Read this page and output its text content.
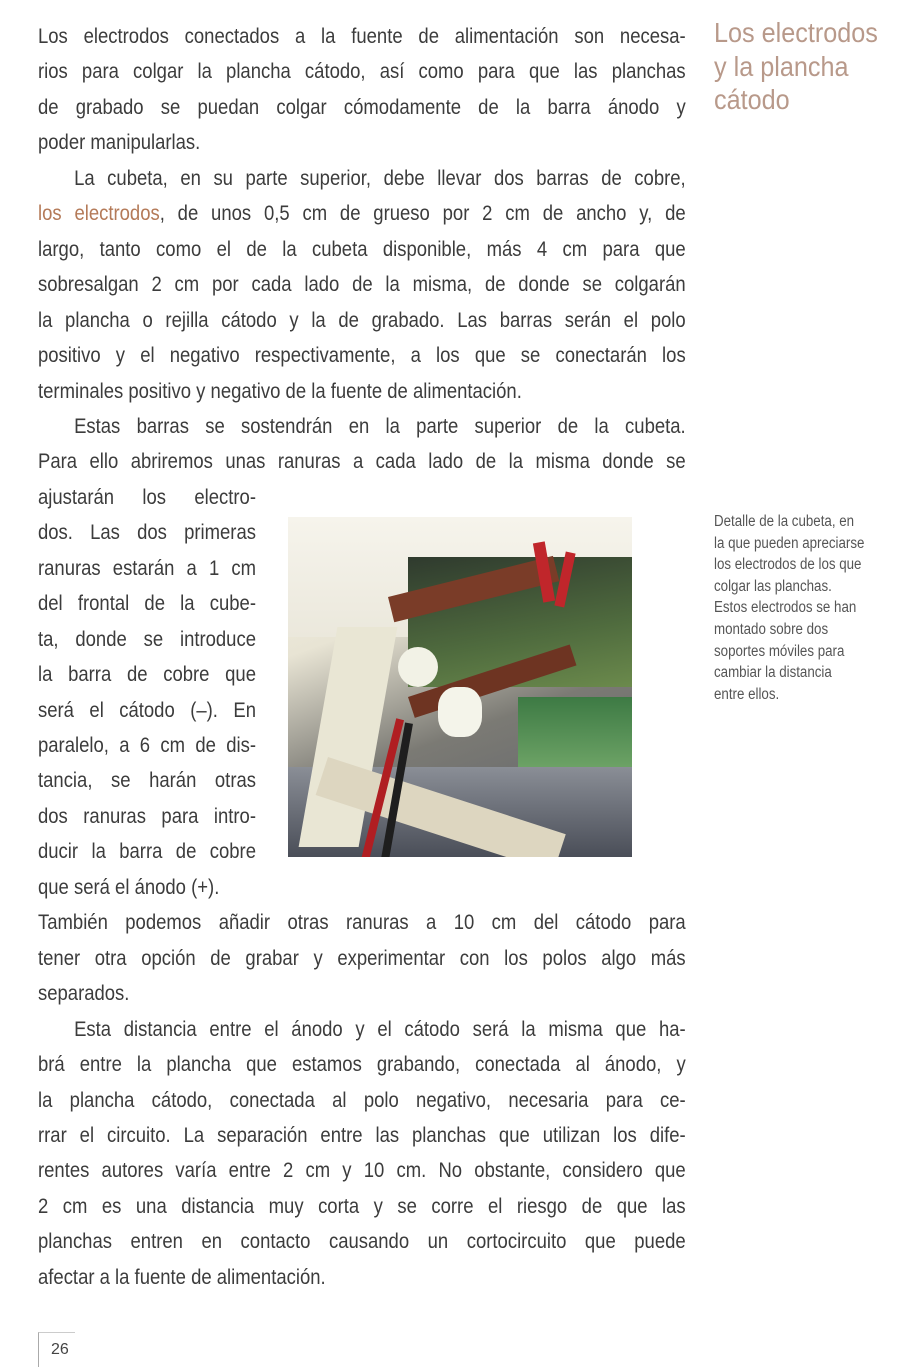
Los electrodos
y la plancha
cátodo
Los electrodos conectados a la fuente de alimentación son necesa-
rios para colgar la plancha cátodo, así como para que las planchas
de grabado se puedan colgar cómodamente de la barra ánodo y
poder manipularlas.
La cubeta, en su parte superior, debe llevar dos barras de cobre,
los electrodos, de unos 0,5 cm de grueso por 2 cm de ancho y, de
largo, tanto como el de la cubeta disponible, más 4 cm para que
sobresalgan 2 cm por cada lado de la misma, de donde se colgarán
la plancha o rejilla cátodo y la de grabado. Las barras serán el polo
positivo y el negativo respectivamente, a los que se conectarán los
terminales positivo y negativo de la fuente de alimentación.
Estas barras se sostendrán en la parte superior de la cubeta.
Para ello abriremos unas ranuras a cada lado de la misma donde se
ajustarán los electro-
dos. Las dos primeras
ranuras estarán a 1 cm
del frontal de la cube-
ta, donde se introduce
la barra de cobre que
será el cátodo (–). En
paralelo, a 6 cm de dis-
tancia, se harán otras
dos ranuras para intro-
ducir la barra de cobre
que será el ánodo (+).
También podemos añadir otras ranuras a 10 cm del cátodo para
tener otra opción de grabar y experimentar con los polos algo más
separados.
Esta distancia entre el ánodo y el cátodo será la misma que ha-
brá entre la plancha que estamos grabando, conectada al ánodo, y
la plancha cátodo, conectada al polo negativo, necesaria para ce-
rrar el circuito. La separación entre las planchas que utilizan los dife-
rentes autores varía entre 2 cm y 10 cm. No obstante, considero que
2 cm es una distancia muy corta y se corre el riesgo de que las
planchas entren en contacto causando un cortocircuito que puede
afectar a la fuente de alimentación.
Detalle de la cubeta, en
la que pueden apreciarse
los electrodos de los que
colgar las planchas.
Estos electrodos se han
montado sobre dos
soportes móviles para
cambiar la distancia
entre ellos.
26
